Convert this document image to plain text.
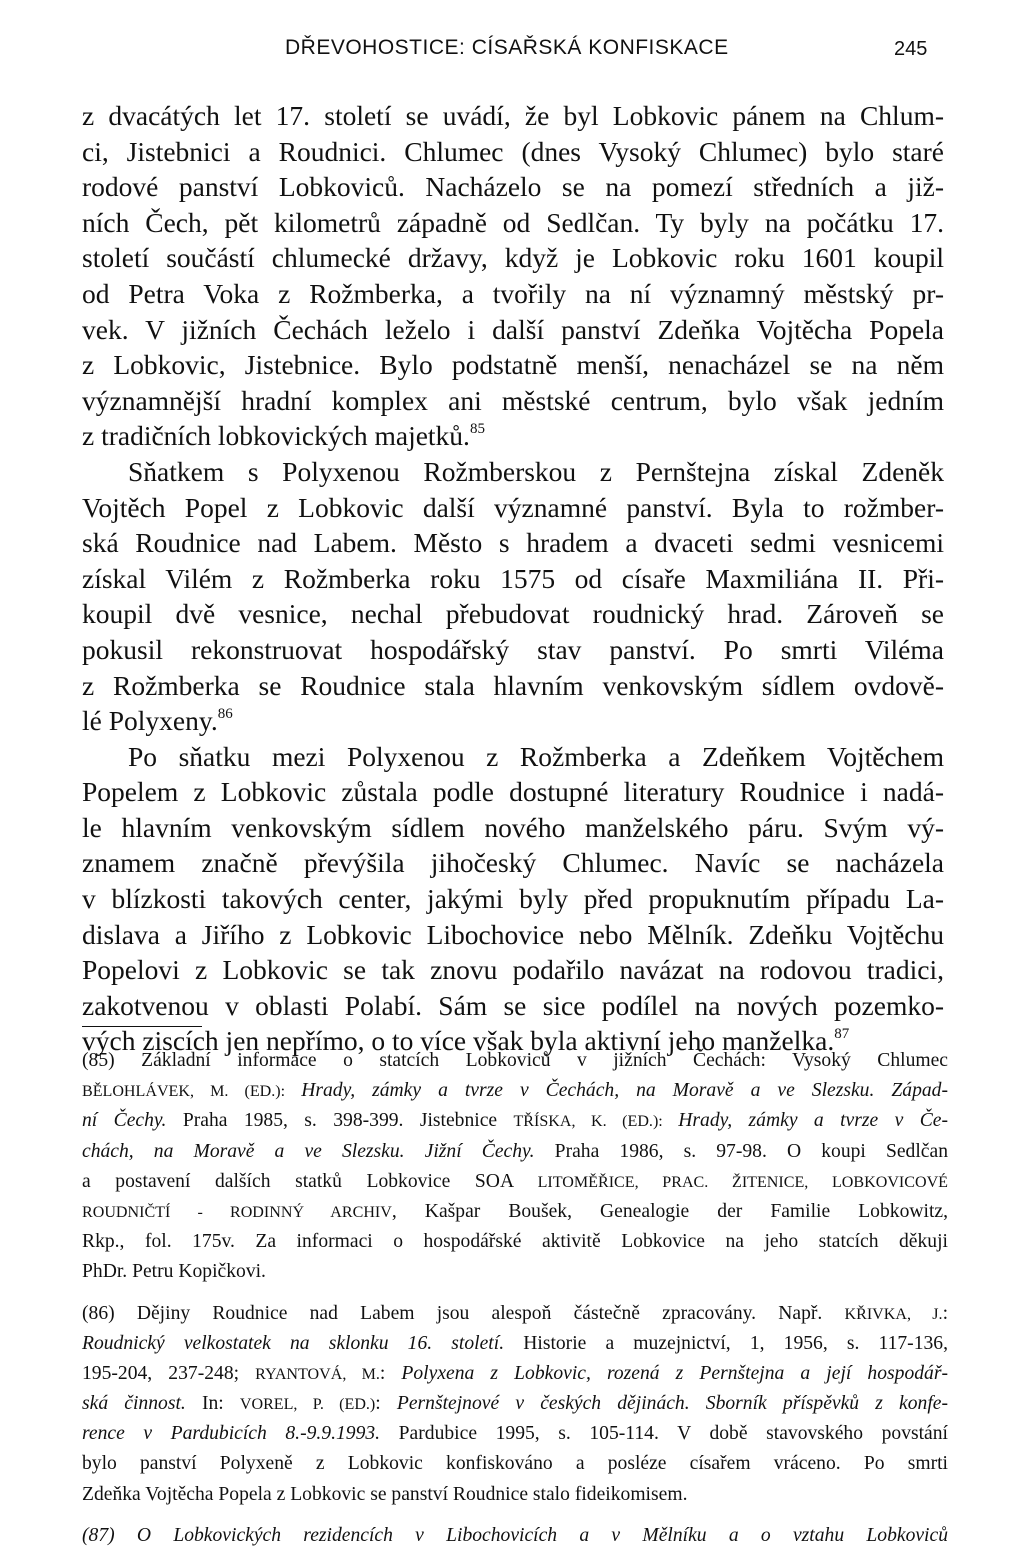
DŘEVOHOSTICE: CÍSAŘSKÁ KONFISKACE	245
z dvacátých let 17. století se uvádí, že byl Lobkovic pánem na Chlum-
ci, Jistebnici a Roudnici. Chlumec (dnes Vysoký Chlumec) bylo staré
rodové panství Lobkoviců. Nacházelo se na pomezí středních a již-
ních Čech, pět kilometrů západně od Sedlčan. Ty byly na počátku 17.
století součástí chlumecké državy, když je Lobkovic roku 1601 koupil
od Petra Voka z Rožmberka, a tvořily na ní významný městský pr-
vek. V jižních Čechách leželo i další panství Zdeňka Vojtěcha Popela
z Lobkovic, Jistebnice. Bylo podstatně menší, nenacházel se na něm
významnější hradní komplex ani městské centrum, bylo však jedním
z tradičních lobkovických majetků.$^{85}$
Sňatkem s Polyxenou Rožmberskou z Pernštejna získal Zdeněk
Vojtěch Popel z Lobkovic další významné panství. Byla to rožmber-
ská Roudnice nad Labem. Město s hradem a dvaceti sedmi vesnicemi
získal Vilém z Rožmberka roku 1575 od císaře Maxmiliána II. Při-
koupil dvě vesnice, nechal přebudovat roudnický hrad. Zároveň se
pokusil rekonstruovat hospodářský stav panství. Po smrti Viléma
z Rožmberka se Roudnice stala hlavním venkovským sídlem ovdově-
lé Polyxeny.$^{86}$
Po sňatku mezi Polyxenou z Rožmberka a Zdeňkem Vojtěchem
Popelem z Lobkovic zůstala podle dostupné literatury Roudnice i nadá-
le hlavním venkovským sídlem nového manželského páru. Svým vý-
znamem značně převýšila jihočeský Chlumec. Navíc se nacházela
v blízkosti takových center, jakými byly před propuknutím případu La-
dislava a Jiřího z Lobkovic Libochovice nebo Mělník. Zdeňku Vojtěchu
Popelovi z Lobkovic se tak znovu podařilo navázat na rodovou tradici,
zakotvenou v oblasti Polabí. Sám se sice podílel na nových pozemko-
vých ziscích jen nepřímo, o to více však byla aktivní jeho manželka.$^{87}$
(85) Základní informace o statcích Lobkoviců v jižních Čechách: Vysoký Chlumec
BĚLOHLÁVEK, M. (ED.): Hrady, zámky a tvrze v Čechách, na Moravě a ve Slezsku. Západ-
ní Čechy. Praha 1985, s. 398-399. Jistebnice TŘÍSKA, K. (ED.): Hrady, zámky a tvrze v Če-
chách, na Moravě a ve Slezsku. Jižní Čechy. Praha 1986, s. 97-98. O koupi Sedlčan
a postavení dalších statků Lobkovice SOA LITOMĚŘICE, PRAC. ŽITENICE, LOBKOVICOVÉ
ROUDNIČTÍ - RODINNÝ ARCHIV, Kašpar Boušek, Genealogie der Familie Lobkowitz,
Rkp., fol. 175v. Za informaci o hospodářské aktivitě Lobkovice na jeho statcích děkuji
PhDr. Petru Kopičkovi.
(86) Dějiny Roudnice nad Labem jsou alespoň částečně zpracovány. Např. KŘIVKA, J.:
Roudnický velkostatek na sklonku 16. století. Historie a muzejnictví, 1, 1956, s. 117-136,
195-204, 237-248; RYANTOVÁ, M.: Polyxena z Lobkovic, rozená z Pernštejna a její hospodář-
ská činnost. In: VOREL, P. (ED.): Pernštejnové v českých dějinách. Sborník příspěvků z konfe-
rence v Pardubicích 8.-9.9.1993. Pardubice 1995, s. 105-114. V době stavovského povstání
bylo panství Polyxeně z Lobkovic konfiskováno a posléze císařem vráceno. Po smrti
Zdeňka Vojtěcha Popela z Lobkovic se panství Roudnice stalo fideikomisem.
(87) O Lobkovických rezidencích v Libochovicích a v Mělníku a o vztahu Lobkoviců
